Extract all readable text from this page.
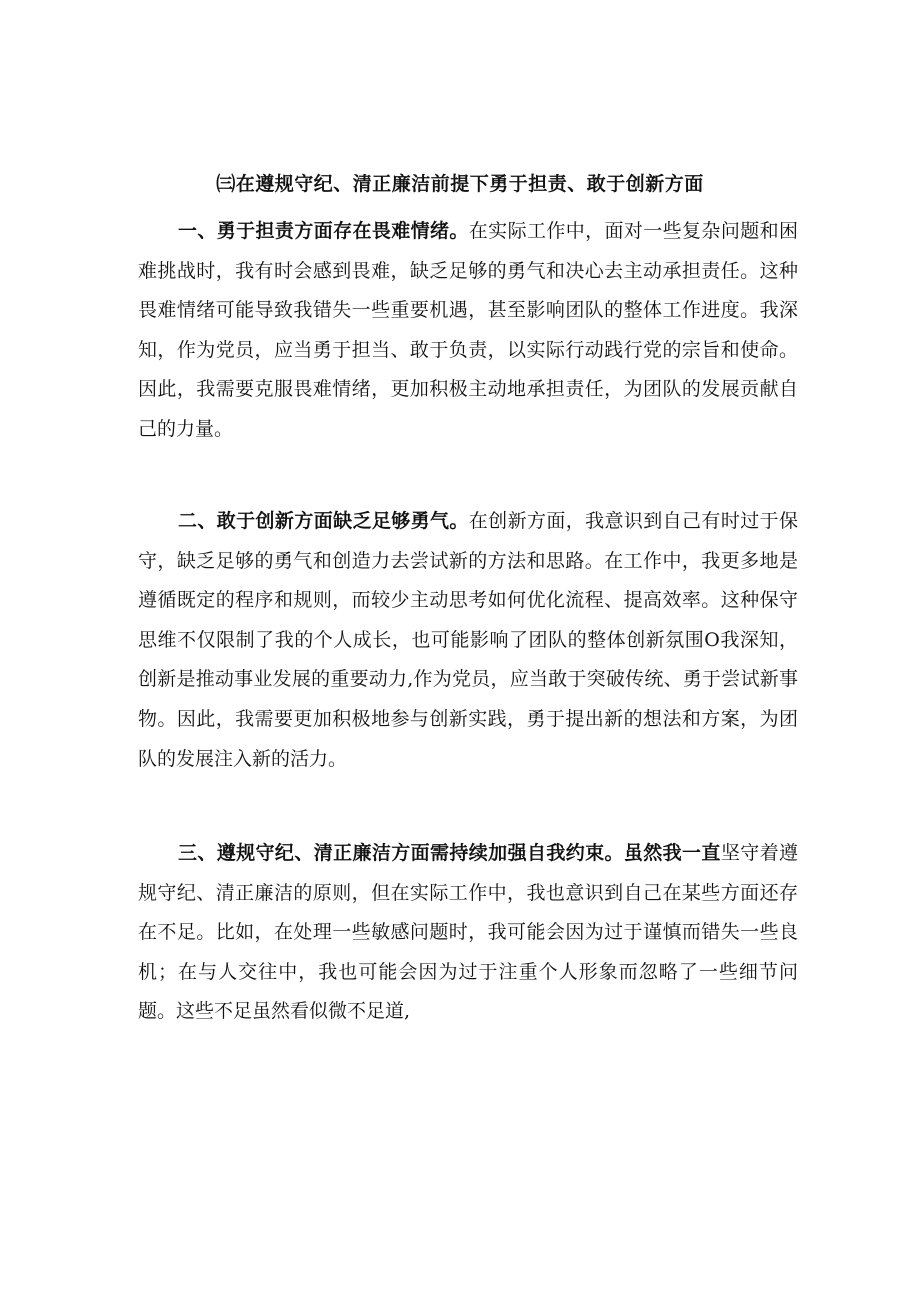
㈢在遵规守纪、清正廉洁前提下勇于担责、敢于创新方面

一、勇于担责方面存在畏难情绪。在实际工作中，面对一些复杂问题和困难挑战时，我有时会感到畏难，缺乏足够的勇气和决心去主动承担责任。这种畏难情绪可能导致我错失一些重要机遇，甚至影响团队的整体工作进度。我深知，作为党员，应当勇于担当、敢于负责，以实际行动践行党的宗旨和使命。因此，我需要克服畏难情绪，更加积极主动地承担责任，为团队的发展贡献自己的力量。

二、敢于创新方面缺乏足够勇气。在创新方面，我意识到自己有时过于保守，缺乏足够的勇气和创造力去尝试新的方法和思路。在工作中，我更多地是遵循既定的程序和规则，而较少主动思考如何优化流程、提高效率。这种保守思维不仅限制了我的个人成长，也可能影响了团队的整体创新氛围O我深知，创新是推动事业发展的重要动力,作为党员，应当敢于突破传统、勇于尝试新事物。因此，我需要更加积极地参与创新实践，勇于提出新的想法和方案，为团队的发展注入新的活力。

三、遵规守纪、清正廉洁方面需持续加强自我约束。虽然我一直坚守着遵规守纪、清正廉洁的原则，但在实际工作中，我也意识到自己在某些方面还存在不足。比如，在处理一些敏感问题时，我可能会因为过于谨慎而错失一些良机；在与人交往中，我也可能会因为过于注重个人形象而忽略了一些细节问题。这些不足虽然看似微不足道,
